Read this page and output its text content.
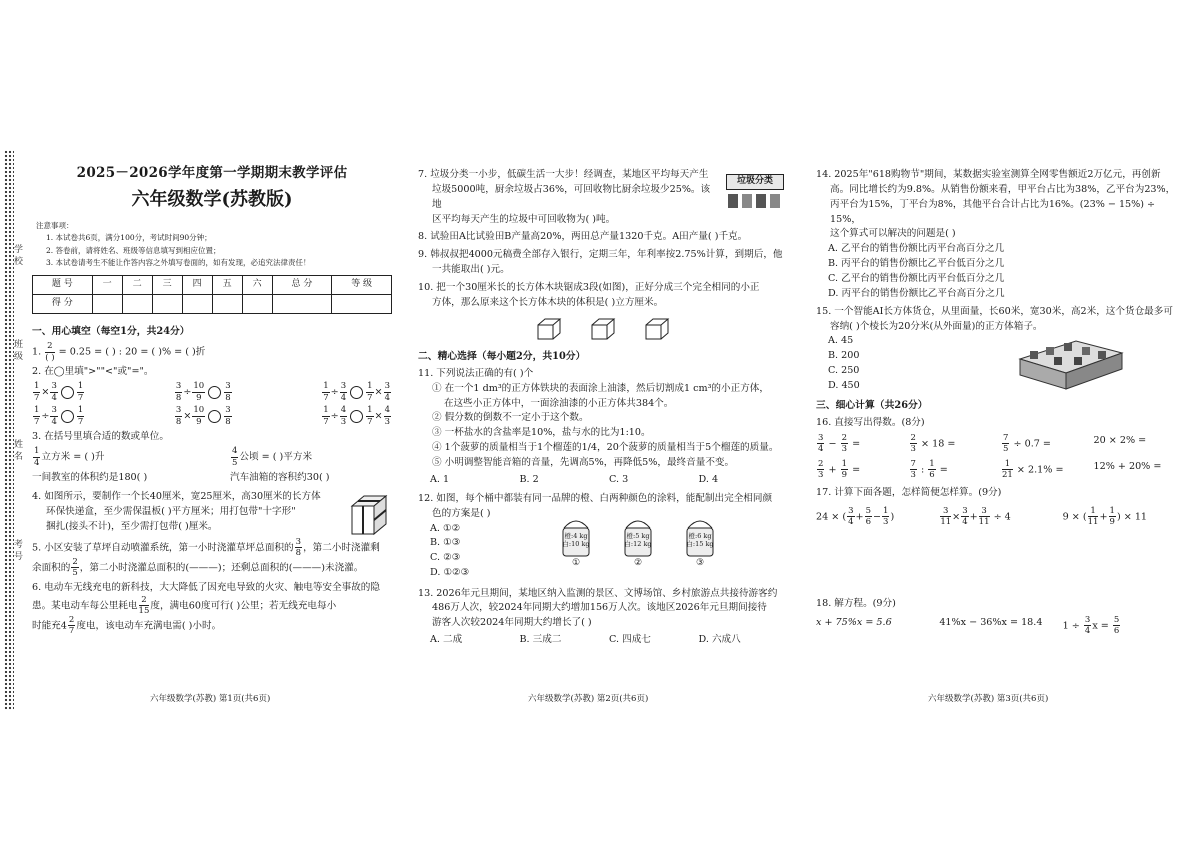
学
校
班
级
姓
名
考
号
2025－2026学年度第一学期期末教学评估
六年级数学(苏教版)
注意事项：
1. 本试卷共6页，满分100分，考试时间90分钟；
2. 答卷前，请将姓名、班级等信息填写到相应位置；
3. 本试卷请考生不能让作答内容之外填写卷面的，如有发现，必追究法律责任！
题 号	一	二	三	四	五	六	总 分	等 级
得 分								
一、用心填空（每空1分，共24分）
1. $\frac{2}{( )} = 0.25$ = ( ) : 20 = ( )% = ( )折
2. 在◯里填">""<"或"="。
$\frac{1}{7} \times \frac{3}{4} \frac{1}{7}$	$\frac{3}{8} \div \frac{10}{9} \frac{3}{8}$	$\frac{1}{7} \div \frac{3}{4} \frac{1}{7} \times \frac{3}{4}$
$\frac{1}{7} \div \frac{3}{4} \frac{1}{7}$	$\frac{3}{8} \times \frac{10}{9} \frac{3}{8}$	$\frac{1}{7} \div \frac{4}{3} \frac{1}{7} \times \frac{4}{3}$
3. 在括号里填合适的数或单位。
$\frac{1}{4}$ 立方米 = ( )升	$\frac{4}{5}$ 公顷 = ( )平方米
一间教室的体积约是180( )	汽车油箱的容积约30( )
4. 如图所示，要制作一个长40厘米，宽25厘米，高30厘米的长方体
环保快递盒，至少需保温板( )平方厘米；用打包带"十字形"
捆扎(接头不计)，至少需打包带( )厘米。
5. 小区安装了草坪自动喷灌系统，第一小时浇灌草坪总面积的 $\frac{3}{8}$ ，第二小时浇灌剩
余面积的 $\frac{2}{5}$ ，第二小时浇灌总面积的(———)；还剩总面积的(———)未浇灌。
6. 电动车无线充电的新科技，大大降低了因充电导致的火灾、触电等安全事故的隐
患。某电动车每公里耗电 $\frac{2}{15}$ 度，满电60度可行( )公里；若无线充电每小
时能充$4 \frac{2}{7}$ 度电，该电动车充满电需( )小时。
六年级数学(苏教) 第1页(共6页)
7. 垃圾分类一小步，低碳生活一大步！经调查，某地区平均每天产生
垃圾5000吨，厨余垃圾占36%，可回收物比厨余垃圾少25%。该地
区平均每天产生的垃圾中可回收物为( )吨。
垃圾分类
8. 试验田A比试验田B产量高20%，两田总产量1320千克。A田产量( )千克。
9. 韩叔叔把4000元稿费全部存入银行，定期三年，年利率按2.75%计算，到期后，他
一共能取出( )元。
10. 把一个30厘米长的长方体木块锯成3段(如图)，正好分成三个完全相同的小正
方体，那么原来这个长方体木块的体积是( )立方厘米。
二、精心选择（每小题2分，共10分）
11. 下列说法正确的有( )个
① 在一个1 dm³的正方体铁块的表面涂上油漆，然后切割成1 cm³的小正方体，
在这些小正方体中，一面涂油漆的小正方体共384个。
② 假分数的倒数不一定小于这个数。
③ 一杯盐水的含盐率是10%，盐与水的比为1:10。
④ 1个菠萝的质量相当于1个榴莲的1/4，20个菠萝的质量相当于5个榴莲的质量。
⑤ 小明调整智能音箱的音量，先调高5%，再降低5%，最终音量不变。
A. 1	B. 2	C. 3	D. 4
12. 如图，每个桶中都装有同一品牌的橙、白两种颜色的涂料，能配制出完全相同颜
色的方案是( )
A. ①②
B. ①③
C. ②③
D. ①②③
橙:4 kg
白:10 kg
①
橙:5 kg
白:12 kg
②
橙:6 kg
白:15 kg
③
13. 2026年元旦期间，某地区纳入监测的景区、文博场馆、乡村旅游点共接待游客约
486万人次，较2024年同期大约增加156万人次。该地区2026年元旦期间接待
游客人次较2024年同期大约增长了( )
A. 二成	B. 三成二	C. 四成七	D. 六成八
六年级数学(苏教) 第2页(共6页)
14. 2025年"618购物节"期间，某数据实验室测算全网零售额近2万亿元，再创新
高。同比增长约为9.8%。从销售份额来看，甲平台占比为38%，乙平台为23%，
丙平台为15%，丁平台为8%，其他平台合计占比为16%。(23% − 15%) ÷ 15%，
这个算式可以解决的问题是( )
A. 乙平台的销售份额比丙平台高百分之几
B. 丙平台的销售份额比乙平台低百分之几
C. 乙平台的销售份额比丙平台低百分之几
D. 丙平台的销售份额比乙平台高百分之几
15. 一个智能AI长方体货仓，从里面量，长60米，宽30米，高2米，这个货仓最多可
容纳( )个棱长为20分米(从外面量)的正方体箱子。
A. 45
B. 200
C. 250
D. 450
三、细心计算（共26分）
16. 直接写出得数。(8分)
$\frac{3}{4} - \frac{2}{3}$ =	$\frac{2}{3} \times 18$ =	$\frac{7}{5} \div 0.7$ =	20 × 2% =
$\frac{2}{3} + \frac{1}{9}$ =	$\frac{7}{3}$ : $\frac{1}{6}$ =	$\frac{1}{21} \times 2.1\%$ =	12% + 20% =
17. 计算下面各题，怎样简便怎样算。(9分)
24 × ( $\frac{3}{4} + \frac{5}{6} - \frac{1}{3}$ )	$\frac{3}{11} \times \frac{3}{4} + \frac{3}{11} \div 4$	9 × ( $\frac{1}{11} + \frac{1}{9}$ ) × 11
18. 解方程。(9分)
x + 75%x = 5.6	41%x − 36%x = 18.4	$1 \div \frac{3}{4}$ $x = \frac{5}{6}$
六年级数学(苏教) 第3页(共6页)
